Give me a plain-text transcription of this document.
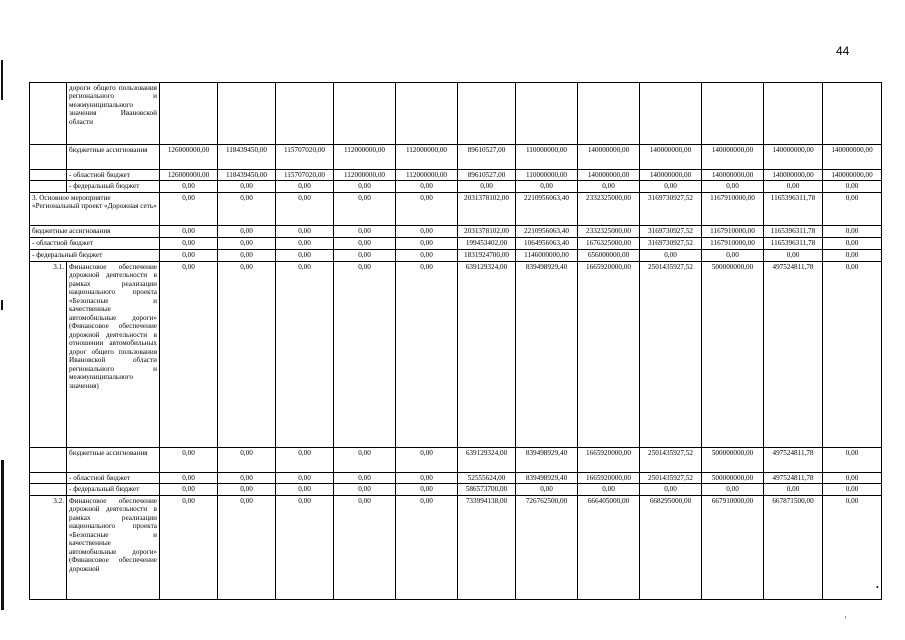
44
	дороги общего пользования регионального и межмуниципального значения Ивановской области												
	бюджетные ассигнования	126000000,00	118439450,00	115707020,00	112000000,00	112000000,00	89610527,00	110000000,00	140000000,00	140000000,00	140000000,00	140000000,00	140000000,00
	- областной бюджет	126000000,00	118439450,00	115707020,00	112000000,00	112000000,00	89610527,00	110000000,00	140000000,00	140000000,00	140000000,00	140000000,00	140000000,00
	- федеральный бюджет	0,00	0,00	0,00	0,00	0,00	0,00	0,00	0,00	0,00	0,00	0,00	0,00
3. Основное мероприятие «Региональный проект «Дорожная сеть»		0,00	0,00	0,00	0,00	0,00	2031378102,00	2210956063,40	2332325000,00	3169730927,52	1167910000,00	1165396311,78	0,00
бюджетные ассигнования		0,00	0,00	0,00	0,00	0,00	2031378102,00	2210956063,40	2332325000,00	3169730927,52	1167910000,00	1165396311,78	0,00
- областной бюджет		0,00	0,00	0,00	0,00	0,00	199453402,00	1064956063,40	1676325000,00	3169730927,52	1167910000,00	1165396311,78	0,00
- федеральный бюджет		0,00	0,00	0,00	0,00	0,00	1831924700,00	1146000000,00	656000000,00	0,00	0,00	0,00	0,00
3.1.	Финансовое обеспечение дорожной деятельности в рамках реализации национального проекта «Безопасные и качественные автомобильные дороги» (Финансовое обеспечение дорожной деятельности в отношении автомобильных дорог общего пользования Ивановской области регионального и межмуниципального значения)	0,00	0,00	0,00	0,00	0,00	639129324,00	839498929,40	1665920000,00	2501435927,52	500000000,00	497524811,78	0,00
	бюджетные ассигнования	0,00	0,00	0,00	0,00	0,00	639129324,00	839498929,40	1665920000,00	2501435927,52	500000000,00	497524811,78	0,00
	- областной бюджет	0,00	0,00	0,00	0,00	0,00	52555624,00	839498929,40	1665920000,00	2501435927,52	500000000,00	497524811,78	0,00
	- федеральный бюджет	0,00	0,00	0,00	0,00	0,00	586573700,00	0,00	0,00	0,00	0,00	0,00	0,00
3.2.	Финансовое обеспечение дорожной деятельности в рамках реализации национального проекта «Безопасные и качественные автомобильные дороги» (Финансовое обеспечение дорожной	0,00	0,00	0,00	0,00	0,00	733994138,00	726762500,00	666405000,00	668295000,00	667910000,00	667871500,00	0,00
•
'
